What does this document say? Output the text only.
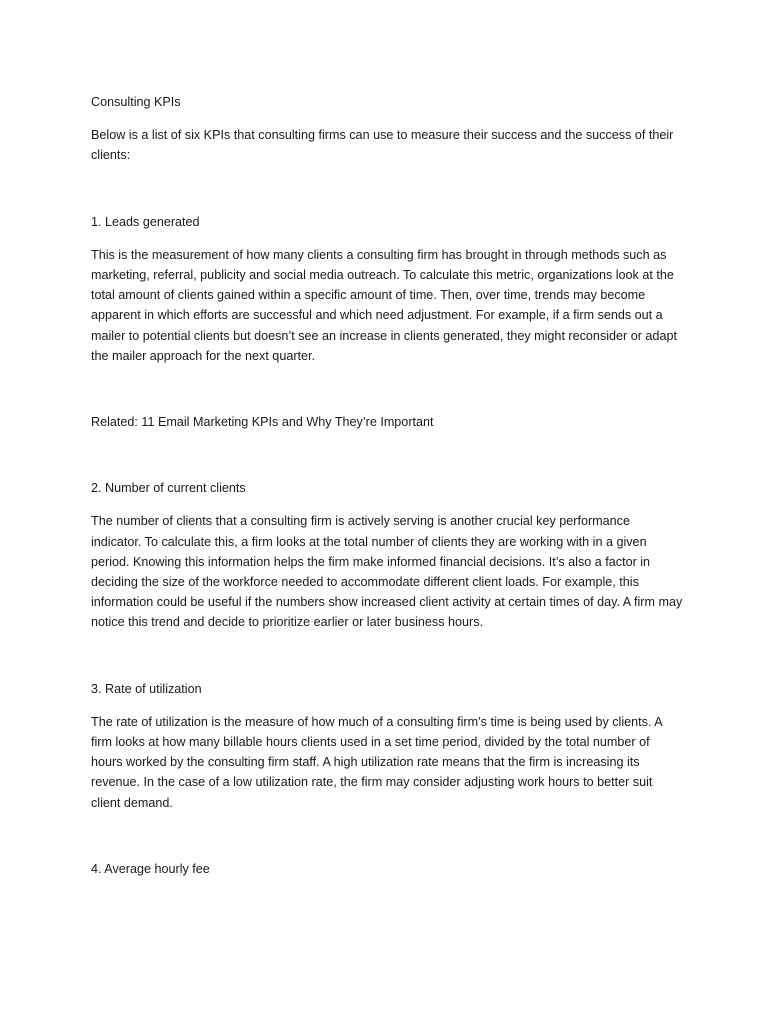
Consulting KPIs

Below is a list of six KPIs that consulting firms can use to measure their success and the success of their clients:

1. Leads generated

This is the measurement of how many clients a consulting firm has brought in through methods such as marketing, referral, publicity and social media outreach. To calculate this metric, organizations look at the total amount of clients gained within a specific amount of time. Then, over time, trends may become apparent in which efforts are successful and which need adjustment. For example, if a firm sends out a mailer to potential clients but doesn’t see an increase in clients generated, they might reconsider or adapt the mailer approach for the next quarter.

Related: 11 Email Marketing KPIs and Why They’re Important

2. Number of current clients

The number of clients that a consulting firm is actively serving is another crucial key performance indicator. To calculate this, a firm looks at the total number of clients they are working with in a given period. Knowing this information helps the firm make informed financial decisions. It’s also a factor in deciding the size of the workforce needed to accommodate different client loads. For example, this information could be useful if the numbers show increased client activity at certain times of day. A firm may notice this trend and decide to prioritize earlier or later business hours.

3. Rate of utilization

The rate of utilization is the measure of how much of a consulting firm’s time is being used by clients. A firm looks at how many billable hours clients used in a set time period, divided by the total number of hours worked by the consulting firm staff. A high utilization rate means that the firm is increasing its revenue. In the case of a low utilization rate, the firm may consider adjusting work hours to better suit client demand.

4. Average hourly fee
